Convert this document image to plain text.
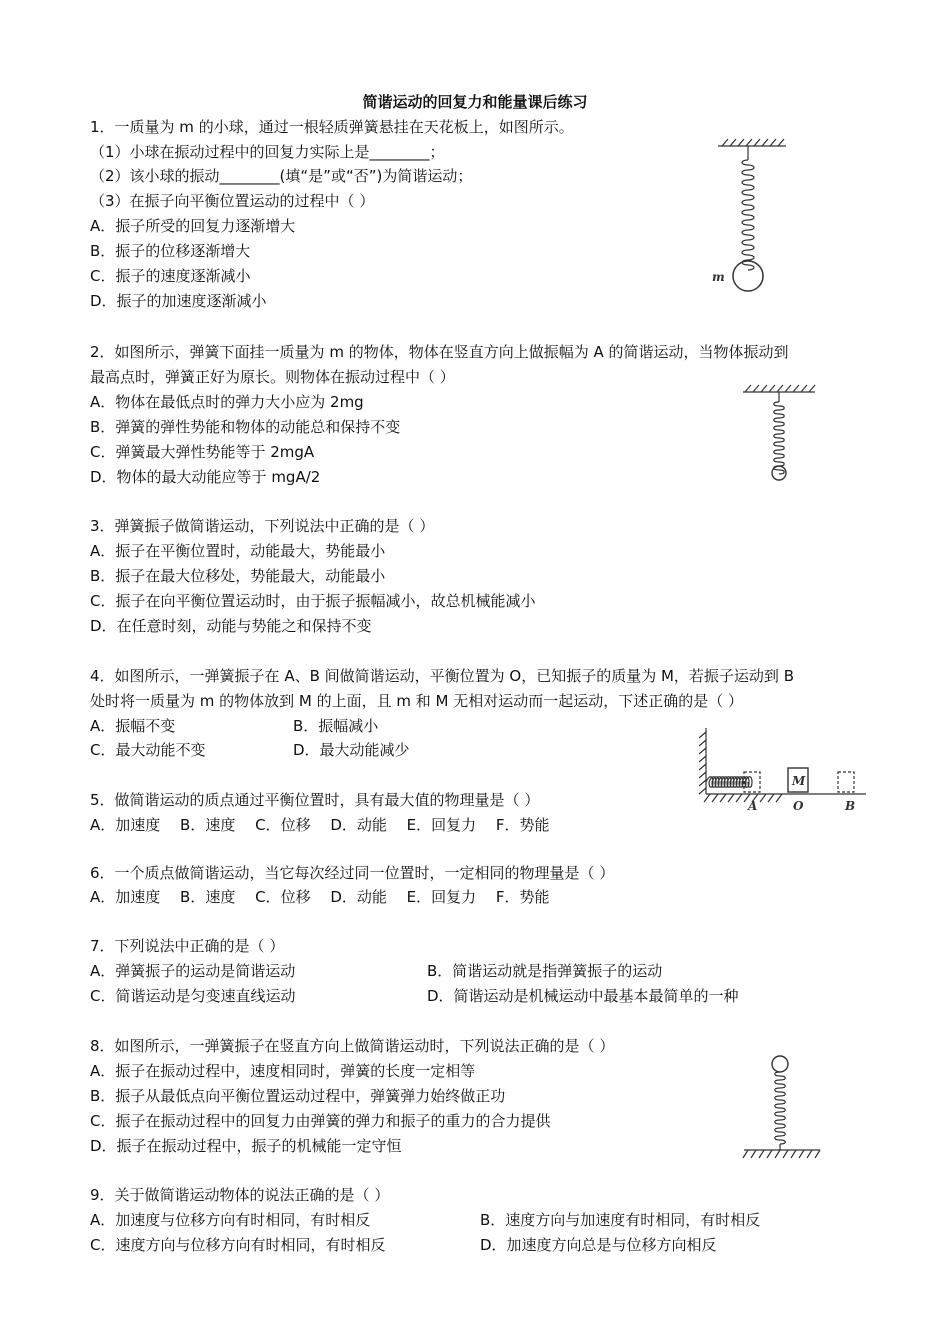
简谐运动的回复力和能量课后练习
1．一质量为 m 的小球，通过一根轻质弹簧悬挂在天花板上，如图所示。
（1）小球在振动过程中的回复力实际上是________；
（2）该小球的振动________(填“是”或“否”)为简谐运动；
（3）在振子向平衡位置运动的过程中（ ）
A．振子所受的回复力逐渐增大
B．振子的位移逐渐增大
C．振子的速度逐渐减小
D．振子的加速度逐渐减小
m
2．如图所示，弹簧下面挂一质量为 m 的物体，物体在竖直方向上做振幅为 A 的简谐运动，当物体振动到
最高点时，弹簧正好为原长。则物体在振动过程中（ ）
A．物体在最低点时的弹力大小应为 2mg
B．弹簧的弹性势能和物体的动能总和保持不变
C．弹簧最大弹性势能等于 2mgA
D．物体的最大动能应等于 mgA/2
3．弹簧振子做简谐运动，下列说法中正确的是（ ）
A．振子在平衡位置时，动能最大，势能最小
B．振子在最大位移处，势能最大，动能最小
C．振子在向平衡位置运动时，由于振子振幅减小，故总机械能减小
D．在任意时刻，动能与势能之和保持不变
4．如图所示，一弹簧振子在 A、B 间做简谐运动，平衡位置为 O，已知振子的质量为 M，若振子运动到 B
处时将一质量为 m 的物体放到 M 的上面，且 m 和 M 无相对运动而一起运动，下述正确的是（ ）
A．振幅不变	B．振幅减小
C．最大动能不变	D．最大动能减少
M
A	O	B
5．做简谐运动的质点通过平衡位置时，具有最大值的物理量是（ ）
A．加速度　 B．速度　 C．位移　 D．动能　 E．回复力　 F．势能
6．一个质点做简谐运动，当它每次经过同一位置时，一定相同的物理量是（ ）
A．加速度　 B．速度　 C．位移　 D．动能　 E．回复力　 F．势能
7．下列说法中正确的是（ ）
A．弹簧振子的运动是简谐运动	B．简谐运动就是指弹簧振子的运动
C．简谐运动是匀变速直线运动	D．简谐运动是机械运动中最基本最简单的一种
8．如图所示，一弹簧振子在竖直方向上做简谐运动时，下列说法正确的是（ ）
A．振子在振动过程中，速度相同时，弹簧的长度一定相等
B．振子从最低点向平衡位置运动过程中，弹簧弹力始终做正功
C．振子在振动过程中的回复力由弹簧的弹力和振子的重力的合力提供
D．振子在振动过程中，振子的机械能一定守恒
9．关于做简谐运动物体的说法正确的是（ ）
A．加速度与位移方向有时相同，有时相反	B．速度方向与加速度有时相同，有时相反
C．速度方向与位移方向有时相同，有时相反	D．加速度方向总是与位移方向相反
